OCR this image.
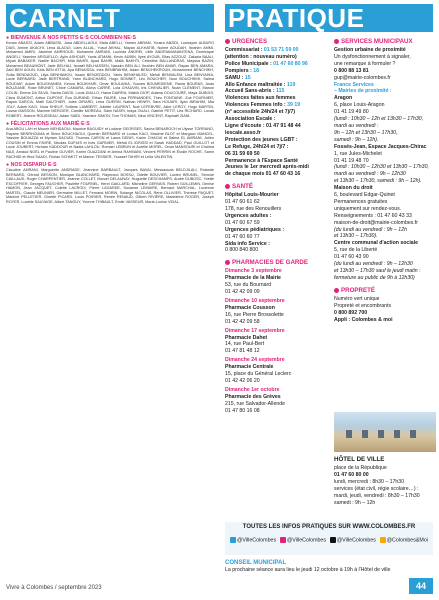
CARNET
● BIENVENUE À NOS PETITS·E·S COLOMBIEN·NE·S
Kenan ABASSI, Adam ABBASSI, Jana ABDELLAOUI, Maïa ABELLI, Yamen ABRAM, Yousra ABZIDI, Lounayne ALBURO DIAS, Amine AKACHI, Léna ALAOUI, Liam ALLAL, Yusuf AKHAL, Mayan ALKHATIB, Nolmé AOUDAH, Ibrahim AMMI, Mohamed AMIRI, Jasmine AMRHOUD, Mohamed AMRANI, Lucinda ANDREI, Lilith ANDRIAMANANTENA, Dominique ANGELI, Yasmine ARGUELLO, Aylin ASHOUR, Yanis ATMANI, Kevin AUBIN, Ilyes AYOUB, Elias AZZOUZ, Zakaria BAALI, Miyah BABAKER, Naélle BACHIR, Mila BAHRI, Ayad BAHRI, Malik BAKHTI, Célestine BALLANDRAS, Mayssa BAZIN, Mohamed BEAUMONT, Jade BELHAJ, Ismaël BELHASSEN, Nassim BEN ALI, Ibrahim BEN AMAR, Rayan BEN AMARA, Zaïd BEN AOUN, Kaïs BEN ATTIA, Aya BENAISSA, Inès BENBRAHIM, Adam BENCHEKROUN, Mohammed BENCHIKH, Sofia BENDAOUD, Lilya BENHAMOU, Issam BENJEDDOU, Yanis BENKHALED, Mehdi BENSALEM, Lina BENYAHIA, Lucie BERNARD, Jade BERTRAND, Yann BLANCHARD, Hugo BONNET, Léo BOUCHER, Nour BOUCHIKHI, Salma BOUDIAF, Adam BOUGHANEM, Kenza BOUKHARI, Omar BOULAHIA, Younes BOUMEDIENE, Rania BOURAS, Anas BOUZIANE, Rose BRUNET, Chloé CAMARA, Aïcha CARRÉ, Lola CHAUVIN, Iris CHEVALIER, Noah CLÉMENT, Manon COLIN, Emma DA SILVA, Sacha DAVID, Louis DIALLO, Hawa DIARRA, Malick DIOP, Adama DOUCOURÉ, Maya DUBOIS, Clara DUMONT, Arthur DUPONT, Éva DURAND, Ethan FAURE, Lina FERNANDES, Théo FONTAINE, Zoé FOURNIER, Rayan GARCIA, Maël GAUTHIER, Jules GIRARD, Léna GUÉRIN, Nathan HENRY, Sara HOUARI, Ilyan IBRAHIM, Mia JOLY, Adam KACI, Nora KHELIF, Sofiane LAMBERT, Juliette LAURENT, Noé LEFEBVRE, Alice LEROY, Hugo MARTIN, Louise MASSON, Maxime MERCIER, Camille MOREAU, Sami NASRI, Inaya OUALI, Gabriel PETIT, Léa RICHARD, Lucas ROBERT, Jeanne ROUSSEAU, Adam SAÏDI, Yasmine SIMON, Tom THOMAS, Nina VINCENT, Raphaël ZIANI.
● FÉLICITATIONS AUX MARIÉ·E·S
Ana ABOU LAH et Mounir MEHDAOUI, Maurice BAGUIDY et Lodane GEORGES, Sacha BENAROCH et Ulysse TORRANO, Rayane BENRHOUMA et Sirine BOUCHAOUI, Quentin BERNARD et Louisa KACI, Maxime BLOT et Margaux MANCEL, Yassine BOUAZZA et Myriam DAOUDI, Thomas CARON et Laura DENIS, Karim CHAOUI et Salma EL AMRANI, Julien COUSIN et Emma FAVRE, Nicolas DUPUIS et Inès GARNIER, Mehdi EL IDRISSI et Sarah HADDAD, Paul GUILLOT et Lucie JOUBERT, Hicham KADDOUR et Nadia LAHLOU, Romain LEBRUN et Aurélie MOREL, Omar MANSOURI et Chaïma NAJI, Arnaud NOËL et Pauline OLIVIER, Karim OUAZZANI et Amina RAHMANI, Vincent PERRIN et Élodie ROCHE, Samir RACHIDI et Hind SAADI, Florian SCHMITT et Marion TESSIER, Youssef TAHIRI et Leïla VALENTIN.
● NOS DISPARU·E·S
Claudine AMRANI, Marguerite ANDRADE, Jeannine BARBAULT, Jacques BAVAI, Messaouda BELDJILALI, Rolande BERNARD, Gérard BESSON, Monique BLANCHARD, Raymond BOSSU, Odette BOUVIER, Lucien BRUNEL, Simone CAILLAUD, Roger CHARPENTIER, Jeanne COLLET, Marcel DELAUNAY, Huguette DESCHAMPS, André DUBOSC, Yvette ESCOFFIER, Georges FAUCHER, Paulette FOURNEL, Henri GAILLARD, Micheline GERVAIS, Robert GUILLEMIN, Denise HAMON, Jean JACQUET, Colette LACROIX, Pierre LAGARDE, Suzanne LEMAIRE, Bernard MARCHAL, Lucienne MARTEL, Claude MEUNIER, Germaine MILLET, Fernand MORIN, Solange NICOLAS, René OLLIVIER, Thérèse PAQUET, Maurice PELLETIER, Ginette PICARD, Louis POIRIER, Renée RENAUD, Gilbert RIVIÈRE, Madeleine ROGER, Joseph ROYER, Lucette SAUVAGE, Albert TANGUY, Yvonne THIBAULT, Émile VASSEUR, Marie-Louise VIDAL.
PRATIQUE
URGENCES
Commissariat : 01 53 71 59 00
(attention : nouveau numéro)
Police Municipale : 01 47 60 80 96
Pompiers : 18
SAMU : 15
Allo Enfance maltraitée : 119
Accueil Sans-abris : 115
Violences faites aux femmes
Violences Femmes info : 39 19
(n° accessible 24h/24 et 7j/7)
Association Escale :
Ligne d'écoute : 01 47 91 48 44
lescale.asso.fr
Protection des jeunes LGBT :
Le Refuge, 24h/24 et 7j/7 :
06 31 59 69 50
Permanence à l'Espace Santé
Jeunes le 1er mercredi après-midi
de chaque mois 01 47 60 43 16
SANTÉ
Hôpital Louis-Mourier
01 47 60 61 62
178, rue des Renouillers
Urgences adultes :
01 47 60 67 59
Urgences pédiatriques :
01 47 60 60 77
Sida info Service :
0 800 840 800
PHARMACIES DE GARDE
Dimanche 3 septembre
Pharmacie de la Mairie
53, rue du Bournard
01 42 42 09 09
Dimanche 10 septembre
Pharmacie Cousson
16, rue Pierre Brossolette
01 42 42 09 58
Dimanche 17 septembre
Pharmacie Dahet
14, rue Paul-Bert
01 47 81 48 12
Dimanche 24 septembre
Pharmacie Centrale
15, place du Général Leclerc
01 42 42 06 20
Dimanche 1er octobre
Pharmacie des Grèves
215, rue Salvador-Allende
01 47 80 16 08
SERVICES MUNICIPAUX
Gestion urbaine de proximité
Un dysfonctionnement à signaler,
une remarque à formuler ?
0 800 88 13 81
gup@mairie-colombes.fr
France Services
– Mairies de proximité :
Aragon
6, place Louis-Aragon
01 41 19 49 80
(lundi : 10h30 – 12h et 13h30 – 17h30,
mardi au vendredi :
9h – 12h et 13h30 – 17h30,
samedi : 9h – 12h).
Fossés-Jean, Espace Jacques-Chirac
1, rue Jules-Michelet
01 41 19 48 70
(lundi : 10h30 – 12h30 et 13h30 – 17h30,
mardi au vendredi : 9h – 12h30
et 13h30 – 17h30, samedi : 9h – 12h).
Maison du droit
6, boulevard Edgar-Quinet
Permanences gratuites
uniquement sur rendez-vous.
Renseignements : 01 47 60 43 33
maison-de-droit@mairie-colombes.fr
(du lundi au vendredi : 9h – 12h
et 13h30 – 17h30).
Centre communal d'action sociale
5, rue de la Liberté
01 47 60 43 90
(du lundi au vendredi : 9h – 12h30
et 13h30 – 17h30 sauf le jeudi matin :
fermeture au public de 9h à 12h30)
PROPRETÉ
Numéro vert unique
Propreté et encombrants
0 800 892 700
Appli : Colombes & moi
HÔTEL DE VILLE
place de la République
01 47 60 80 00
lundi, mercredi : 8h30 – 17h30
services (état civil, régie scolaire…) :
mardi, jeudi, vendredi : 8h30 – 17h30
samedi : 9h – 12h
TOUTES LES INFOS PRATIQUES SUR WWW.COLOMBES.FR
@VilleColombes	@VilleColombes	@VilleColombes	@Colombes&Moi
CONSEIL MUNICIPAL
La prochaine séance aura lieu le jeudi 12 octobre à 19h à l'Hôtel de ville
Vivre à Colombes / septembre 2023	44
